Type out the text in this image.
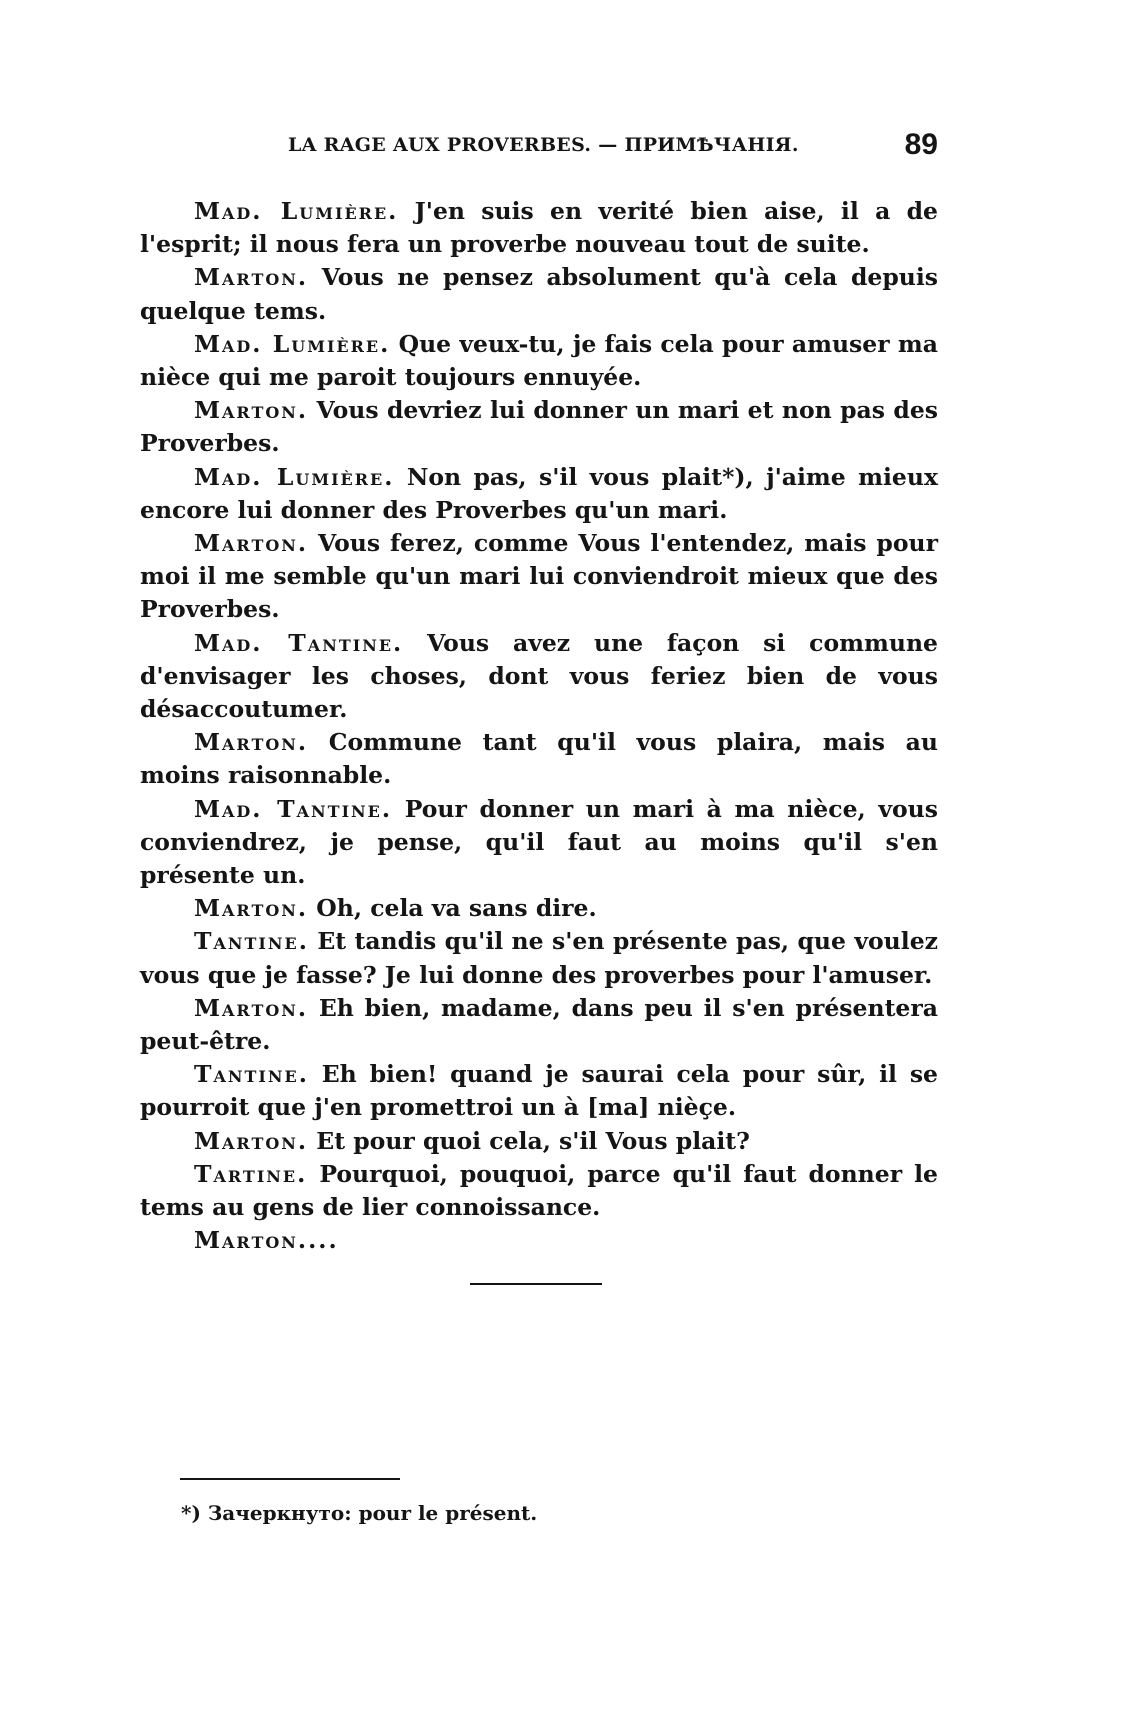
LA RAGE AUX PROVERBES. — ПРИМѢЧАНІЯ.	89

Mad. Lumière. J'en suis en verité bien aise, il a de l'esprit; il nous fera un proverbe nouveau tout de suite.

Marton. Vous ne pensez absolument qu'à cela depuis quelque tems.

Mad. Lumière. Que veux-tu, je fais cela pour amuser ma nièce qui me paroit toujours ennuyée.

Marton. Vous devriez lui donner un mari et non pas des Proverbes.

Mad. Lumière. Non pas, s'il vous plait*), j'aime mieux encore lui donner des Proverbes qu'un mari.

Marton. Vous ferez, comme Vous l'entendez, mais pour moi il me semble qu'un mari lui conviendroit mieux que des Proverbes.

Mad. Tantine. Vous avez une façon si commune d'envisager les choses, dont vous feriez bien de vous désaccoutumer.

Marton. Commune tant qu'il vous plaira, mais au moins raisonnable.

Mad. Tantine. Pour donner un mari à ma nièce, vous conviendrez, je pense, qu'il faut au moins qu'il s'en présente un.

Marton. Oh, cela va sans dire.

Tantine. Et tandis qu'il ne s'en présente pas, que voulez vous que je fasse? Je lui donne des proverbes pour l'amuser.

Marton. Eh bien, madame, dans peu il s'en présentera peut-être.

Tantine. Eh bien! quand je saurai cela pour sûr, il se pourroit que j'en promettroi un à [ma] nièçe.

Marton. Et pour quoi cela, s'il Vous plait?

Tartine. Pourquoi, pouquoi, parce qu'il faut donner le tems au gens de lier connoissance.

Marton....

*) Зачеркнуто: pour le présent.
